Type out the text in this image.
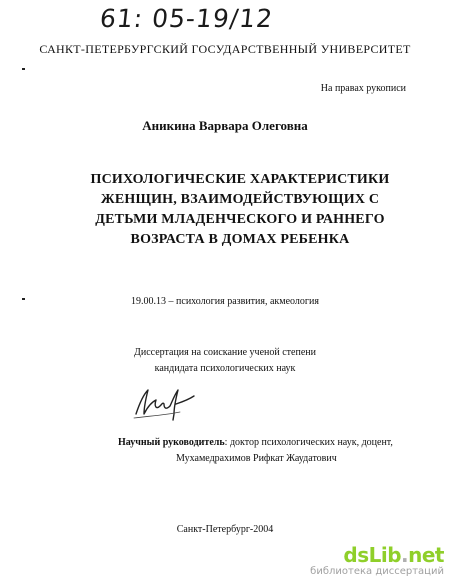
61: 05-19/12
САНКТ-ПЕТЕРБУРГСКИЙ ГОСУДАРСТВЕННЫЙ УНИВЕРСИТЕТ
На правах рукописи
Аникина Варвара Олеговна
ПСИХОЛОГИЧЕСКИЕ ХАРАКТЕРИСТИКИ
ЖЕНЩИН, ВЗАИМОДЕЙСТВУЮЩИХ С
ДЕТЬМИ МЛАДЕНЧЕСКОГО И РАННЕГО
ВОЗРАСТА В ДОМАХ РЕБЕНКА
19.00.13 – психология развития, акмеология
Диссертация на соискание ученой степени
кандидата психологических наук
Научный руководитель: доктор психологических наук, доцент,
Мухамедрахимов Рифкат Жаудатович
Санкт-Петербург-2004
dsLib.net
библиотека диссертаций
